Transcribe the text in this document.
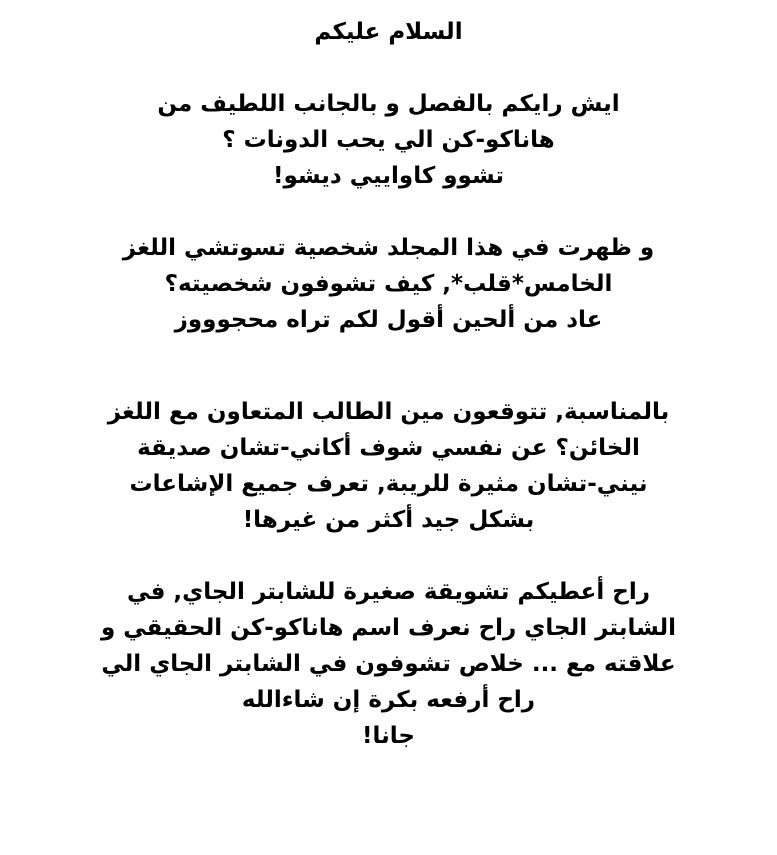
السلام عليكم
ايش رايكم بالفصل و بالجانب اللطيف من
هاناكو-كن الي يحب الدونات ؟
تشوو كاواييي ديشو!
و ظهرت في هذا المجلد شخصية تسوتشي اللغز
الخامس*قلب*, كيف تشوفون شخصيته؟
عاد من ألحين أقول لكم تراه محجوووز
بالمناسبة, تتوقعون مين الطالب المتعاون مع اللغز
الخائن؟ عن نفسي شوف أكاني-تشان صديقة
نيني-تشان مثيرة للريبة, تعرف جميع الإشاعات
بشكل جيد أكثر من غيرها!
راح أعطيكم تشويقة صغيرة للشابتر الجاي, في
الشابتر الجاي راح نعرف اسم هاناكو-كن الحقيقي و
علاقته مع ... خلاص تشوفون في الشابتر الجاي الي
راح أرفعه بكرة إن شاءالله
جانا!
